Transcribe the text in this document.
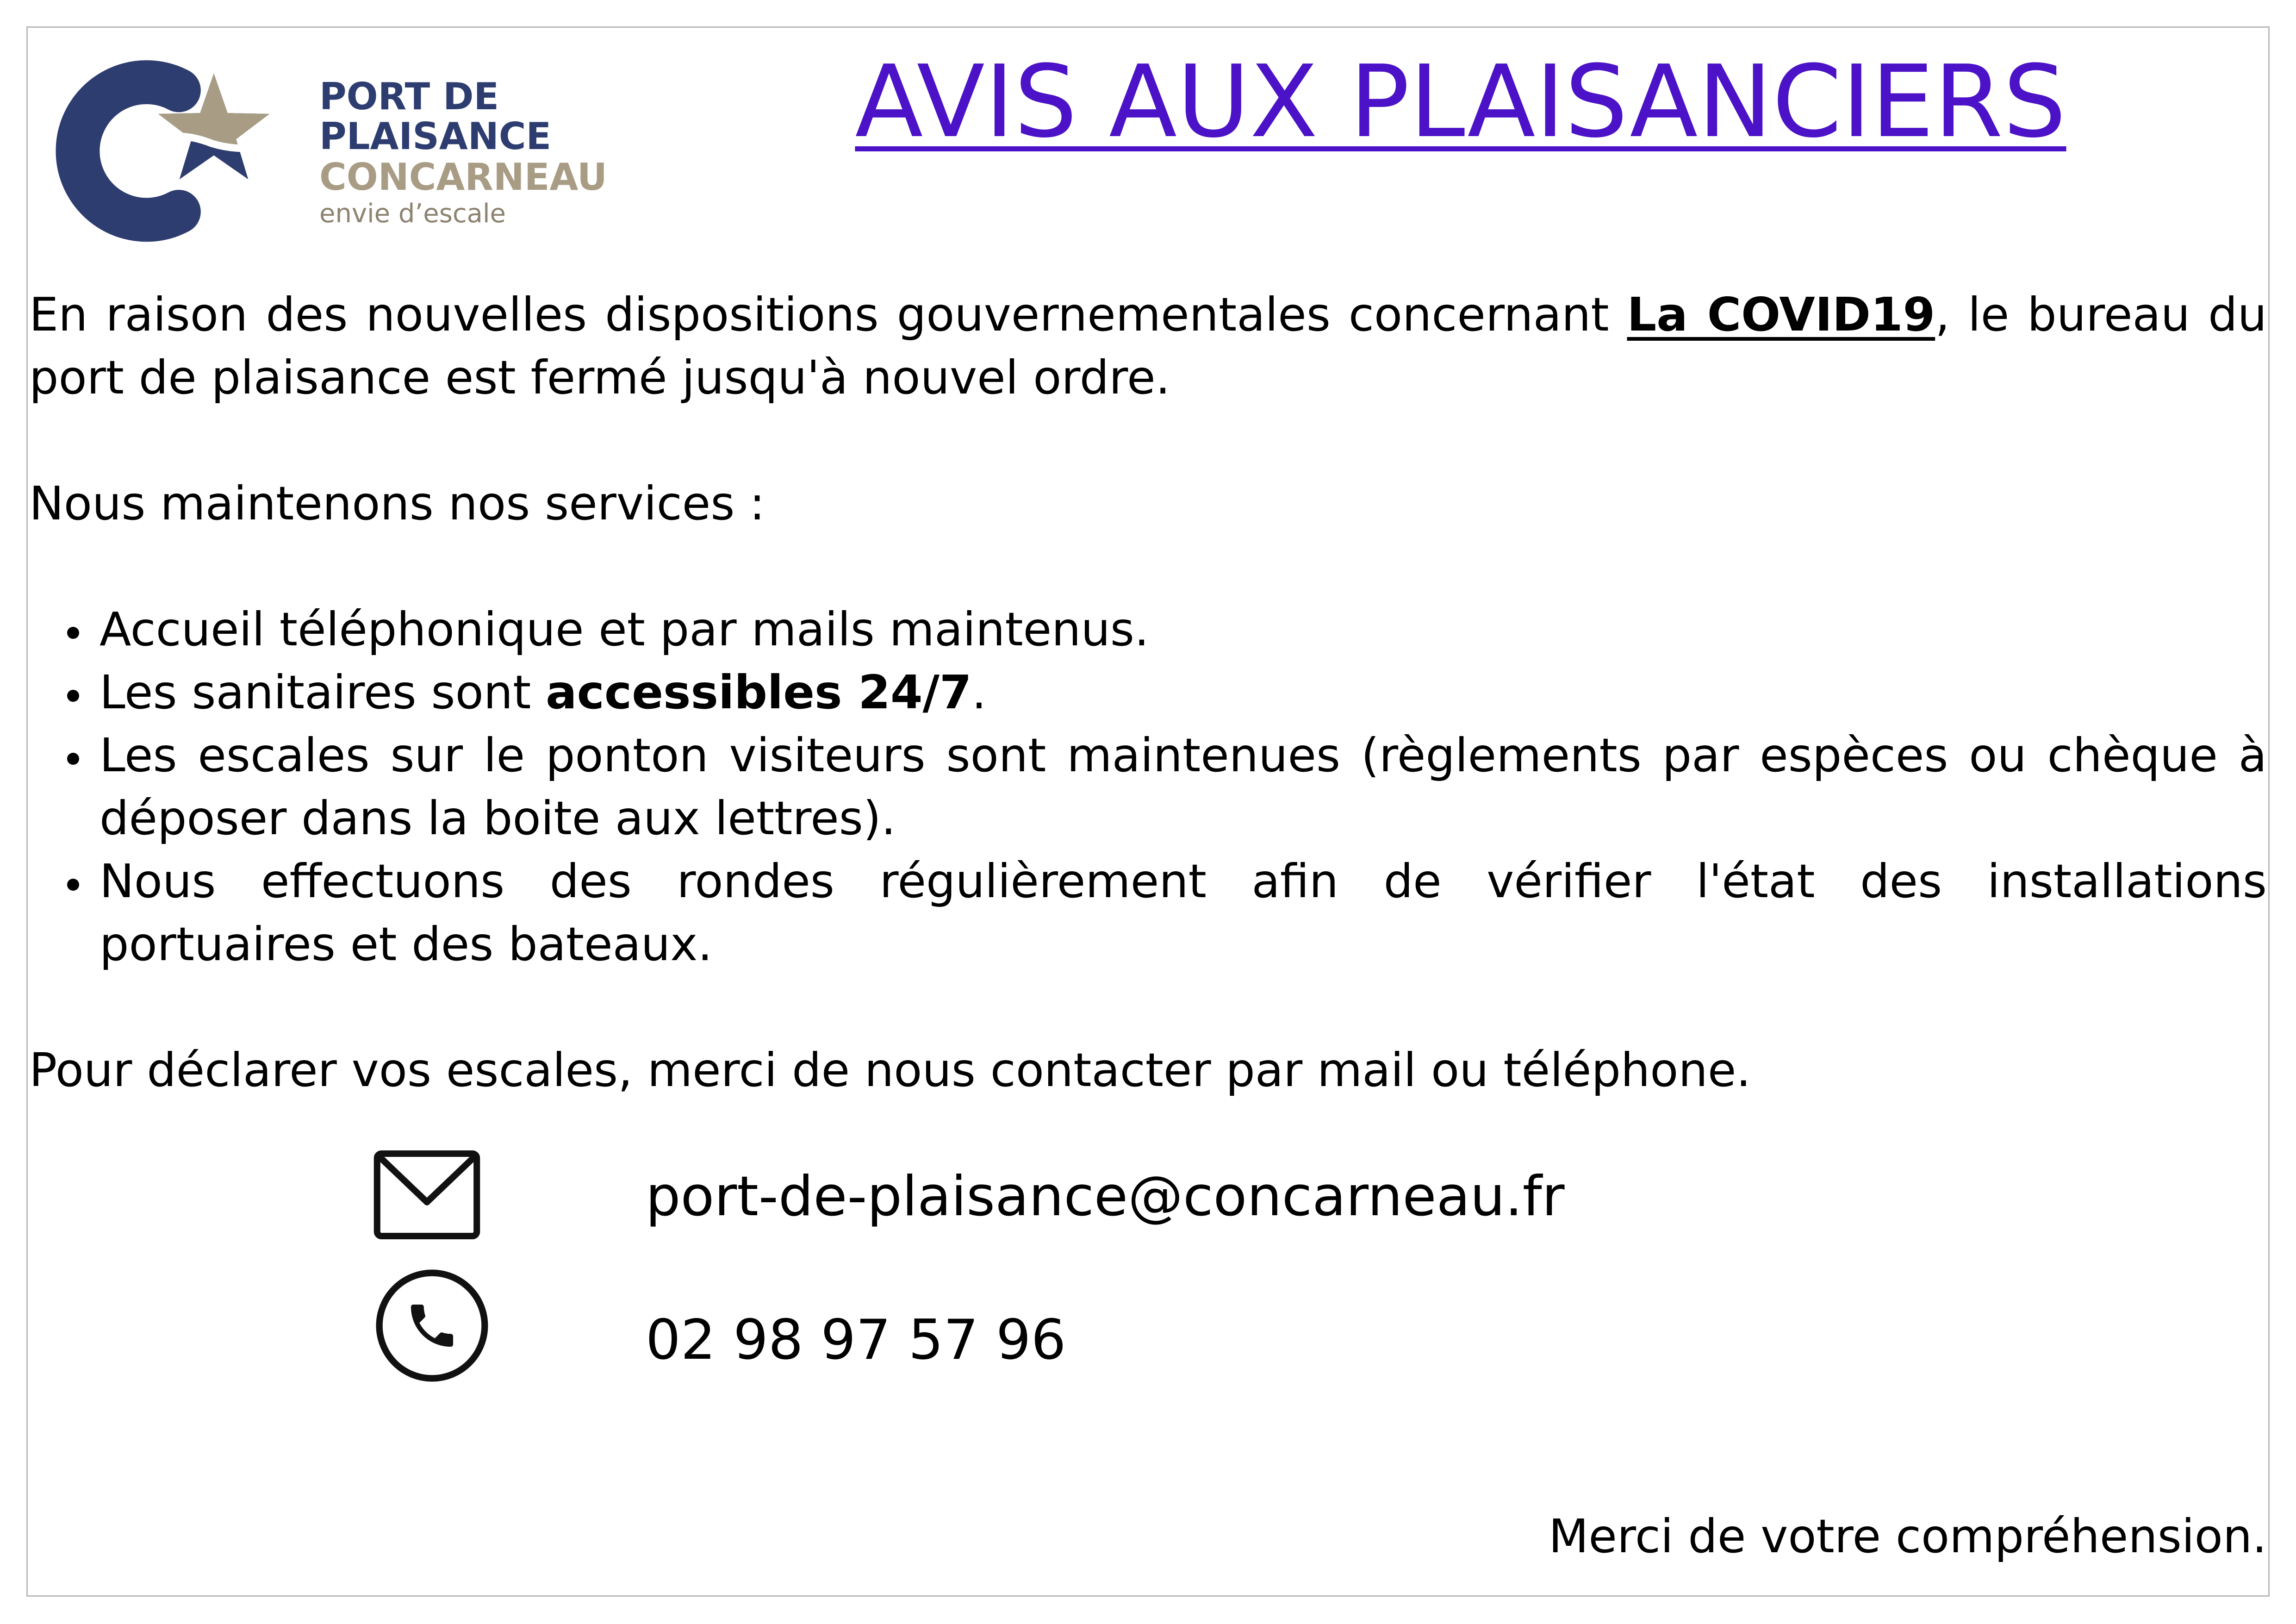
PORT DE
PLAISANCE
CONCARNEAU
envie d’escale
AVIS AUX PLAISANCIERS
En raison des nouvelles dispositions gouvernementales concernant La COVID19, le bureau du
port de plaisance est fermé jusqu'à nouvel ordre.
Nous maintenons nos services :
Accueil téléphonique et par mails maintenus.
Les sanitaires sont accessibles 24/7.
Les escales sur le ponton visiteurs sont maintenues (règlements par espèces ou chèque à
déposer dans la boite aux lettres).
Nous effectuons des rondes régulièrement afin de vérifier l'état des installations
portuaires et des bateaux.
Pour déclarer vos escales, merci de nous contacter par mail ou téléphone.
port-de-plaisance@concarneau.fr
02 98 97 57 96
Merci de votre compréhension.
